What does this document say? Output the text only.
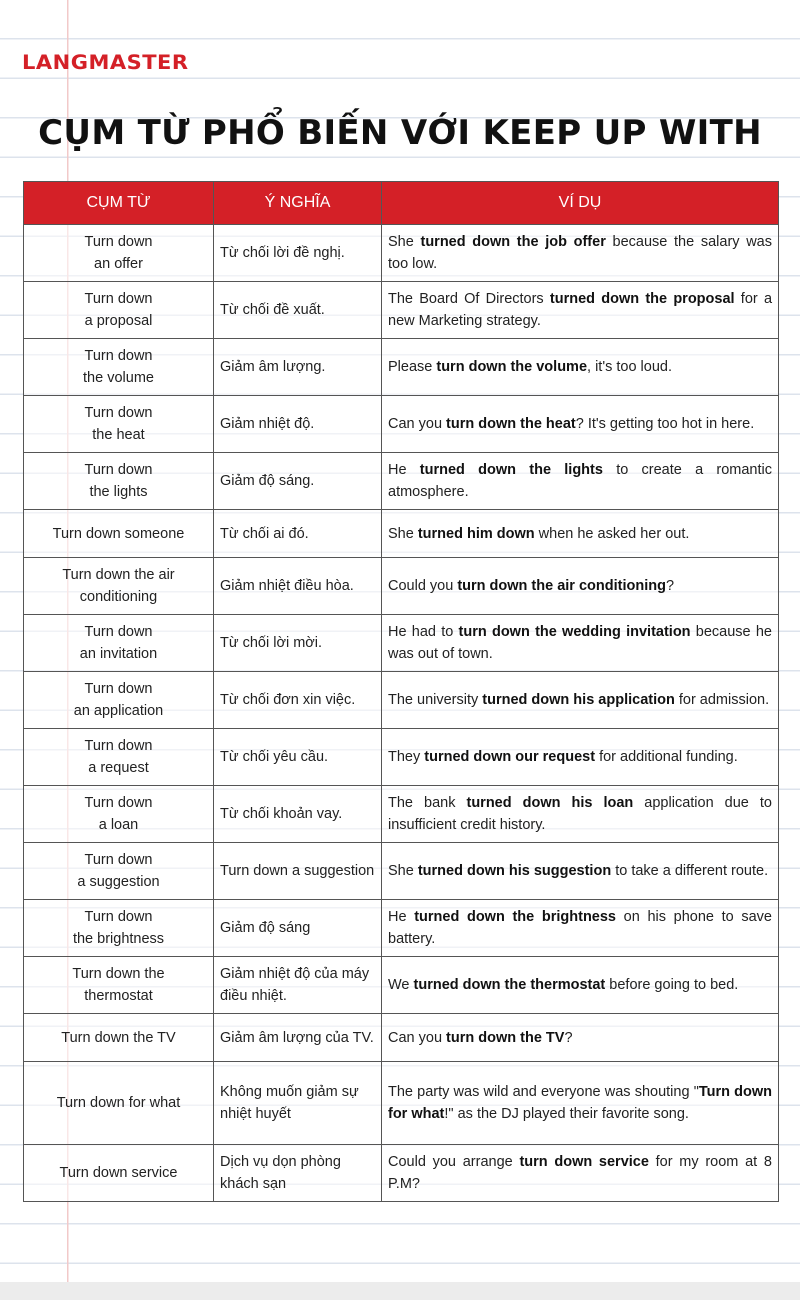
LANGMASTER
CỤM TỪ PHỔ BIẾN VỚI KEEP UP WITH
CỤM TỪ	Ý NGHĨA	VÍ DỤ
Turn down
an offer	Từ chối lời đề nghị.	She turned down the job offer because the salary was too low.
Turn down
a proposal	Từ chối đề xuất.	The Board Of Directors turned down the proposal for a new Marketing strategy.
Turn down
the volume	Giảm âm lượng.	Please turn down the volume, it's too loud.
Turn down
the heat	Giảm nhiệt độ.	Can you turn down the heat? It's getting too hot in here.
Turn down
the lights	Giảm độ sáng.	He turned down the lights to create a romantic atmosphere.
Turn down someone	Từ chối ai đó.	She turned him down when he asked her out.
Turn down the air
conditioning	Giảm nhiệt điều hòa.	Could you turn down the air conditioning?
Turn down
an invitation	Từ chối lời mời.	He had to turn down the wedding invitation because he was out of town.
Turn down
an application	Từ chối đơn xin việc.	The university turned down his application for admission.
Turn down
a request	Từ chối yêu cầu.	They turned down our request for additional funding.
Turn down
a loan	Từ chối khoản vay.	The bank turned down his loan application due to insufficient credit history.
Turn down
a suggestion	Turn down a suggestion	She turned down his suggestion to take a different route.
Turn down
the brightness	Giảm độ sáng	He turned down the brightness on his phone to save battery.
Turn down the
thermostat	Giảm nhiệt độ của máy điều nhiệt.	We turned down the thermostat before going to bed.
Turn down the TV	Giảm âm lượng của TV.	Can you turn down the TV?
Turn down for what	Không muốn giảm sự nhiệt huyết	The party was wild and everyone was shouting "Turn down for what!" as the DJ played their favorite song.
Turn down service	Dịch vụ dọn phòng khách sạn	Could you arrange turn down service for my room at 8 P.M?
